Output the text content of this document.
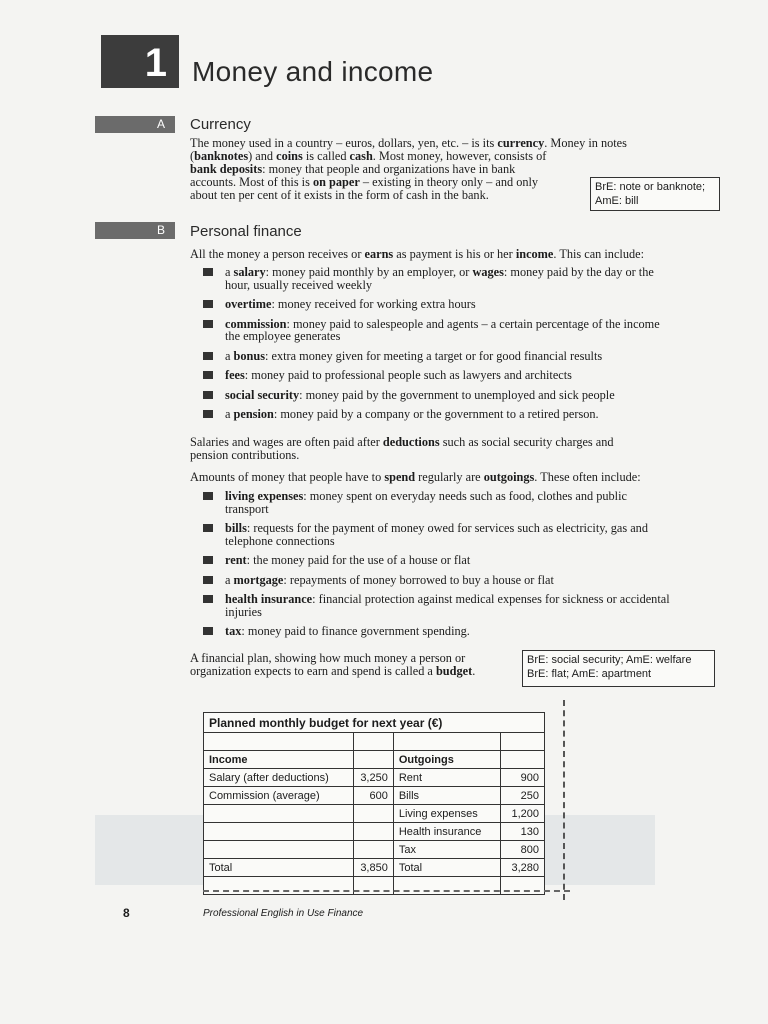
1 Money and income
A	Currency
The money used in a country – euros, dollars, yen, etc. – is its currency. Money in notes
(banknotes) and coins is called cash. Most money, however, consists of
bank deposits: money that people and organizations have in bank
accounts. Most of this is on paper – existing in theory only – and only
about ten per cent of it exists in the form of cash in the bank.
BrE: note or banknote;
AmE: bill
B	Personal finance
All the money a person receives or earns as payment is his or her income. This can include:
a salary: money paid monthly by an employer, or wages: money paid by the day or the
hour, usually received weekly
overtime: money received for working extra hours
commission: money paid to salespeople and agents – a certain percentage of the income
the employee generates
a bonus: extra money given for meeting a target or for good financial results
fees: money paid to professional people such as lawyers and architects
social security: money paid by the government to unemployed and sick people
a pension: money paid by a company or the government to a retired person.
Salaries and wages are often paid after deductions such as social security charges and
pension contributions.
Amounts of money that people have to spend regularly are outgoings. These often include:
living expenses: money spent on everyday needs such as food, clothes and public
transport
bills: requests for the payment of money owed for services such as electricity, gas and
telephone connections
rent: the money paid for the use of a house or flat
a mortgage: repayments of money borrowed to buy a house or flat
health insurance: financial protection against medical expenses for sickness or accidental
injuries
tax: money paid to finance government spending.
A financial plan, showing how much money a person or
organization expects to earn and spend is called a budget.
BrE: social security; AmE: welfare
BrE: flat; AmE: apartment
Planned monthly budget for next year (€)			

Income		Outgoings	
Salary (after deductions)	3,250	Rent	900
Commission (average)	600	Bills	250
		Living expenses	1,200
		Health insurance	130
		Tax	800
Total	3,850	Total	3,280

8	Professional English in Use Finance
